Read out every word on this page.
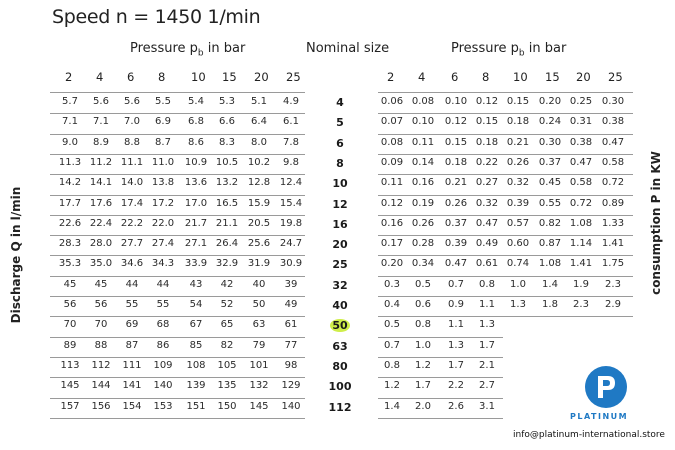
Speed n = 1450 1/min
Pressure $p_b$ in bar	Nominal size	Pressure $p_b$ in bar
2 4 6 8 10 15 20 25	2 4 6 8 10 15 20 25
Discharge Q in l/min	consumption P in KW
5.7	5.6	5.6	5.5	5.4	5.3	5.1	4.9	4	0.06 0.08	0.10 0.12 0.15 0.20 0.25 0.30
7.1	7.1	7.0	6.9	6.8	6.6	6.4	6.1	5	0.07 0.10	0.12 0.15 0.18 0.24 0.31 0.38
9.0	8.9	8.8	8.7	8.6	8.3	8.0	7.8	6	0.08 0.11	0.15 0.18 0.21 0.30 0.38 0.47
11.3 11.2 11.1 11.0	10.9 10.5 10.2	9.8	8	0.09 0.14	0.18 0.22 0.26 0.37 0.47 0.58
14.2 14.1 14.0 13.8	13.6 13.2 12.8 12.4	10	0.11 0.16	0.21 0.27 0.32 0.45 0.58 0.72
17.7 17.6 17.4 17.2	17.0 16.5 15.9 15.4	12	0.12 0.19	0.26 0.32 0.39 0.55 0.72 0.89
22.6 22.4 22.2 22.0	21.7 21.1 20.5 19.8	16	0.16 0.26	0.37 0.47 0.57 0.82 1.08 1.33
28.3 28.0 27.7 27.4	27.1 26.4 25.6 24.7	20	0.17 0.28	0.39 0.49 0.60 0.87 1.14 1.41
35.3 35.0 34.6 34.3	33.9 32.9 31.9 30.9	25	0.20 0.34	0.47 0.61 0.74 1.08 1.41 1.75
45	45	44	44	43	42	40	39	32	0.3	0.5	0.7	0.8	1.0	1.4	1.9	2.3
56	56	55	55	54	52	50	49	40	0.4	0.6	0.9	1.1	1.3	1.8	2.3	2.9
70	70	69	68	67	65	63	61	50	0.5	0.8	1.1	1.3
89	88	87	86	85	82	79	77	63	0.7	1.0	1.3	1.7
113	112	111	109	108	105	101	98	80	0.8	1.2	1.7	2.1
145	144	141	140	139	135	132	129	100	1.2	1.7	2.2	2.7
157	156	154	153	151	150	145	140	112	1.4	2.0	2.6	3.1
PLATINUM
info@platinum-international.store
